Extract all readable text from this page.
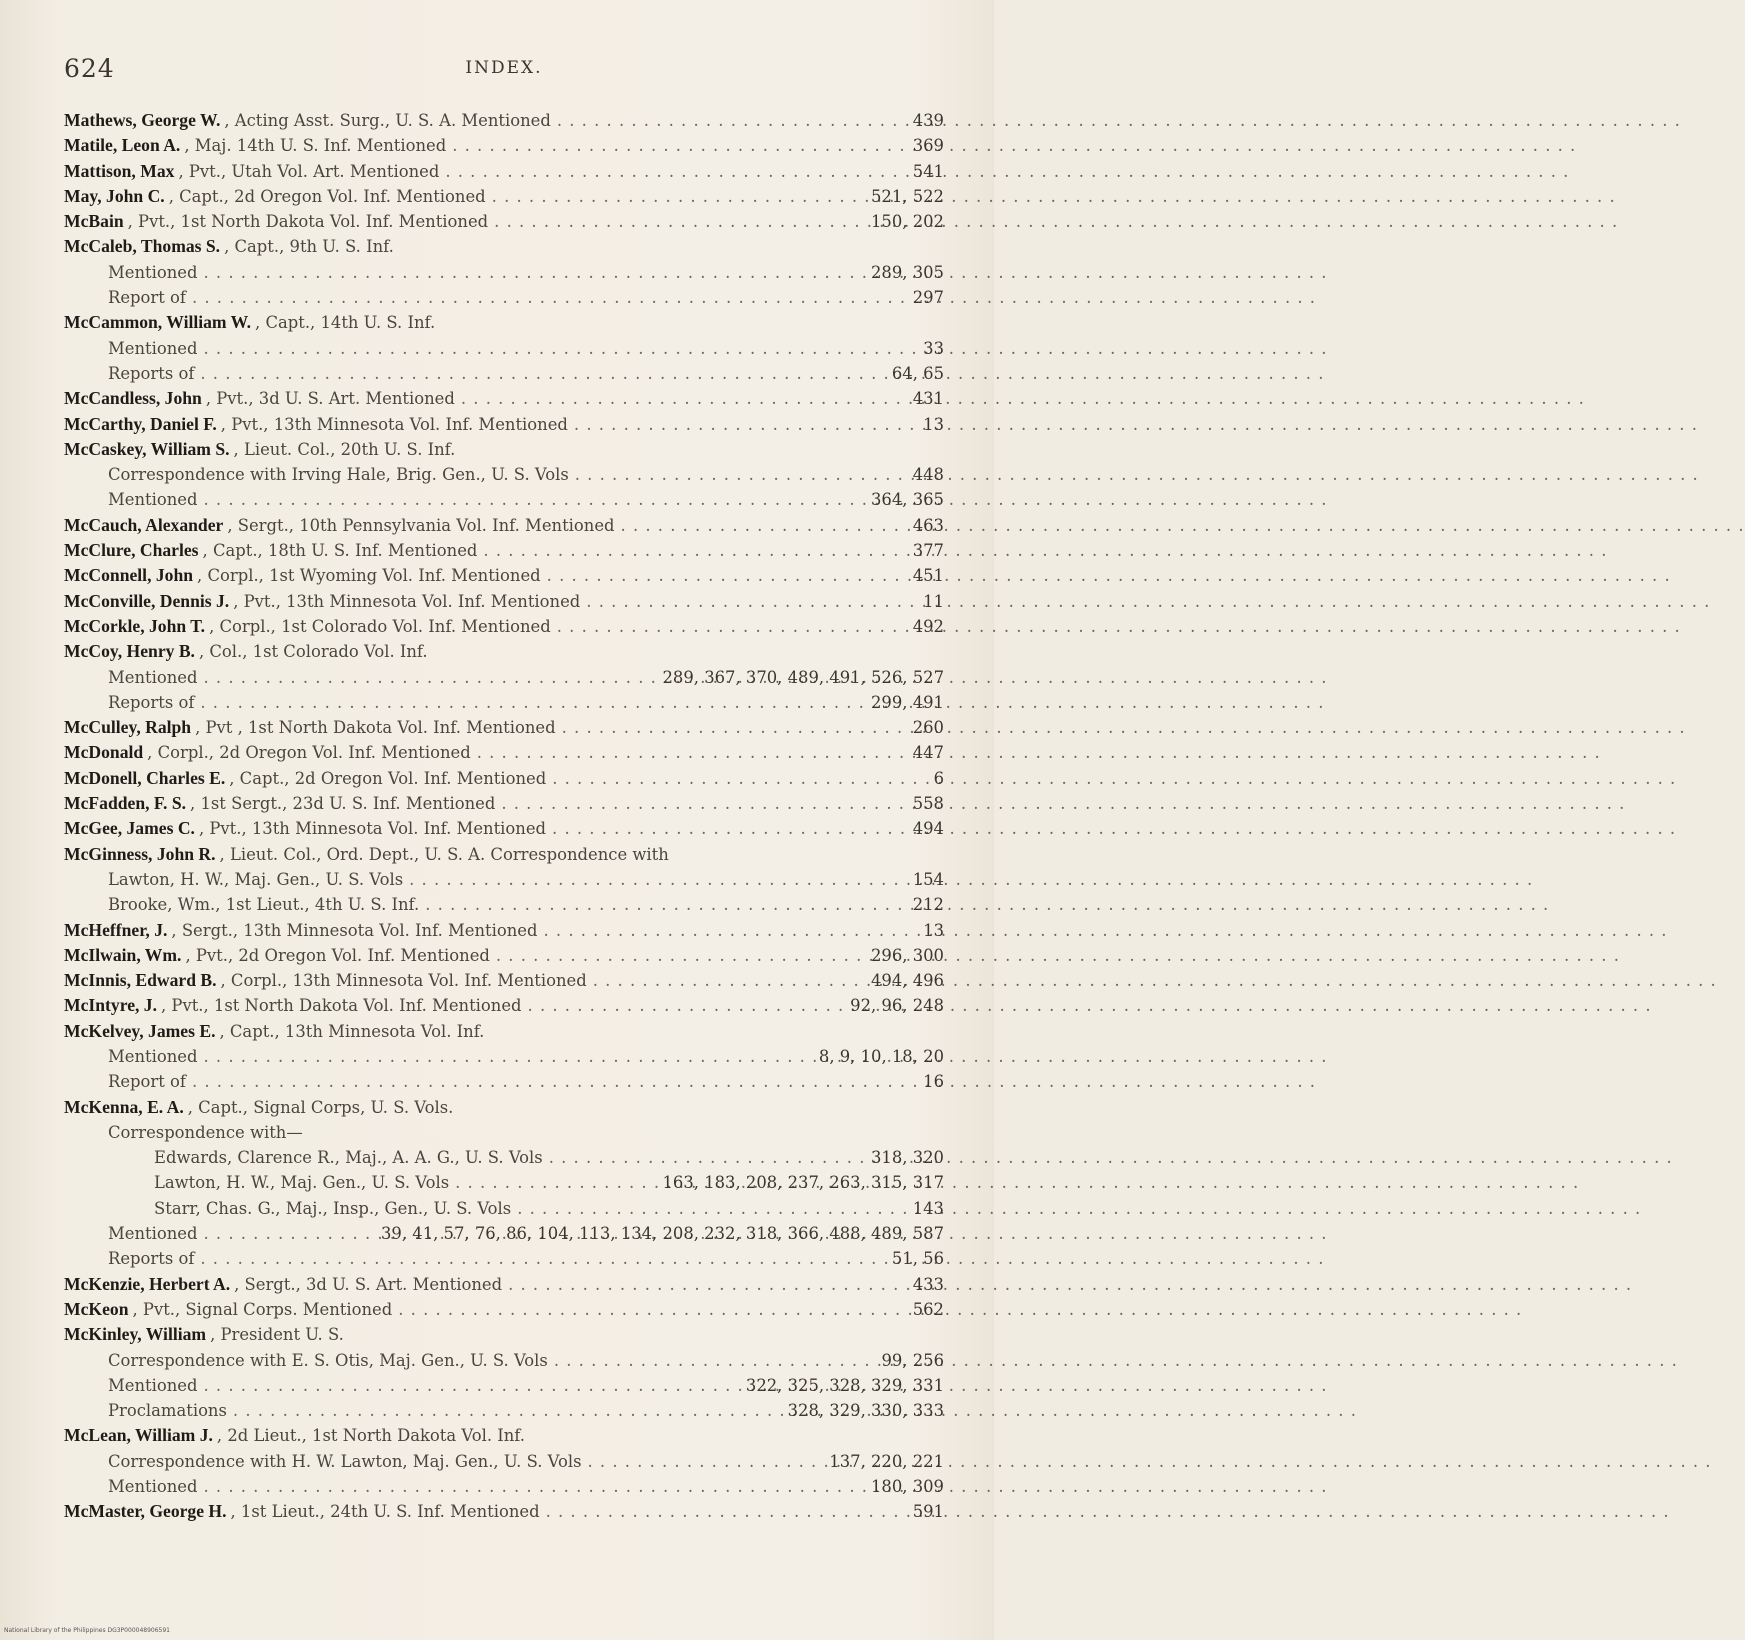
624	INDEX.
Mathews, George W. , Acting Asst. Surg., U. S. A. Mentioned . . .	439
Matile, Leon A. , Maj. 14th U. S. Inf. Mentioned . . .	369
Mattison, Max , Pvt., Utah Vol. Art. Mentioned . . .	541
May, John C. , Capt., 2d Oregon Vol. Inf. Mentioned . . .	521, 522
McBain , Pvt., 1st North Dakota Vol. Inf. Mentioned . . .	150, 202
McCaleb, Thomas S. , Capt., 9th U. S. Inf.
Mentioned . . .	289, 305
Report of . . .	297
McCammon, William W. , Capt., 14th U. S. Inf.
Mentioned . . .	33
Reports of . . .	64, 65
McCandless, John , Pvt., 3d U. S. Art. Mentioned . . .	431
McCarthy, Daniel F. , Pvt., 13th Minnesota Vol. Inf. Mentioned . . .	13
McCaskey, William S. , Lieut. Col., 20th U. S. Inf.
Correspondence with Irving Hale, Brig. Gen., U. S. Vols . . .	448
Mentioned . . .	364, 365
McCauch, Alexander , Sergt., 10th Pennsylvania Vol. Inf. Mentioned . . .	463
McClure, Charles , Capt., 18th U. S. Inf. Mentioned . . .	377
McConnell, John , Corpl., 1st Wyoming Vol. Inf. Mentioned . . .	451
McConville, Dennis J. , Pvt., 13th Minnesota Vol. Inf. Mentioned . . .	11
McCorkle, John T. , Corpl., 1st Colorado Vol. Inf. Mentioned . . .	492
McCoy, Henry B. , Col., 1st Colorado Vol. Inf.
Mentioned . . .	289, 367, 370, 489, 491, 526, 527
Reports of . . .	299, 491
McCulley, Ralph , Pvt , 1st North Dakota Vol. Inf. Mentioned . . .	260
McDonald , Corpl., 2d Oregon Vol. Inf. Mentioned . . .	447
McDonell, Charles E. , Capt., 2d Oregon Vol. Inf. Mentioned . . .	6
McFadden, F. S. , 1st Sergt., 23d U. S. Inf. Mentioned . . .	558
McGee, James C. , Pvt., 13th Minnesota Vol. Inf. Mentioned . . .	494
McGinness, John R. , Lieut. Col., Ord. Dept., U. S. A. Correspondence with
Lawton, H. W., Maj. Gen., U. S. Vols . . .	154
Brooke, Wm., 1st Lieut., 4th U. S. Inf. . . .	212
McHeffner, J. , Sergt., 13th Minnesota Vol. Inf. Mentioned . . .	13
McIlwain, Wm. , Pvt., 2d Oregon Vol. Inf. Mentioned . . .	296, 300
McInnis, Edward B. , Corpl., 13th Minnesota Vol. Inf. Mentioned . . .	494, 496
McIntyre, J. , Pvt., 1st North Dakota Vol. Inf. Mentioned . . .	92, 96, 248
McKelvey, James E. , Capt., 13th Minnesota Vol. Inf.
Mentioned . . .	8, 9, 10, 18, 20
Report of . . .	16
McKenna, E. A. , Capt., Signal Corps, U. S. Vols.
Correspondence with—
Edwards, Clarence R., Maj., A. A. G., U. S. Vols . . .	318, 320
Lawton, H. W., Maj. Gen., U. S. Vols . . .	163, 183, 208, 237, 263, 315, 317
Starr, Chas. G., Maj., Insp., Gen., U. S. Vols . . .	143
Mentioned . . .	39, 41, 57, 76, 86, 104, 113, 134, 208, 232, 318, 366, 488, 489, 587
Reports of . . .	51, 56
McKenzie, Herbert A. , Sergt., 3d U. S. Art. Mentioned . . .	433
McKeon , Pvt., Signal Corps. Mentioned . . .	562
McKinley, William , President U. S.
Correspondence with E. S. Otis, Maj. Gen., U. S. Vols . . .	99, 256
Mentioned . . .	322, 325, 328, 329, 331
Proclamations . . .	328, 329, 330, 333
McLean, William J. , 2d Lieut., 1st North Dakota Vol. Inf.
Correspondence with H. W. Lawton, Maj. Gen., U. S. Vols . . .	137, 220, 221
Mentioned . . .	180, 309
McMaster, George H. , 1st Lieut., 24th U. S. Inf. Mentioned . . .	591
National Library of the Philippines DG3P000048906591
